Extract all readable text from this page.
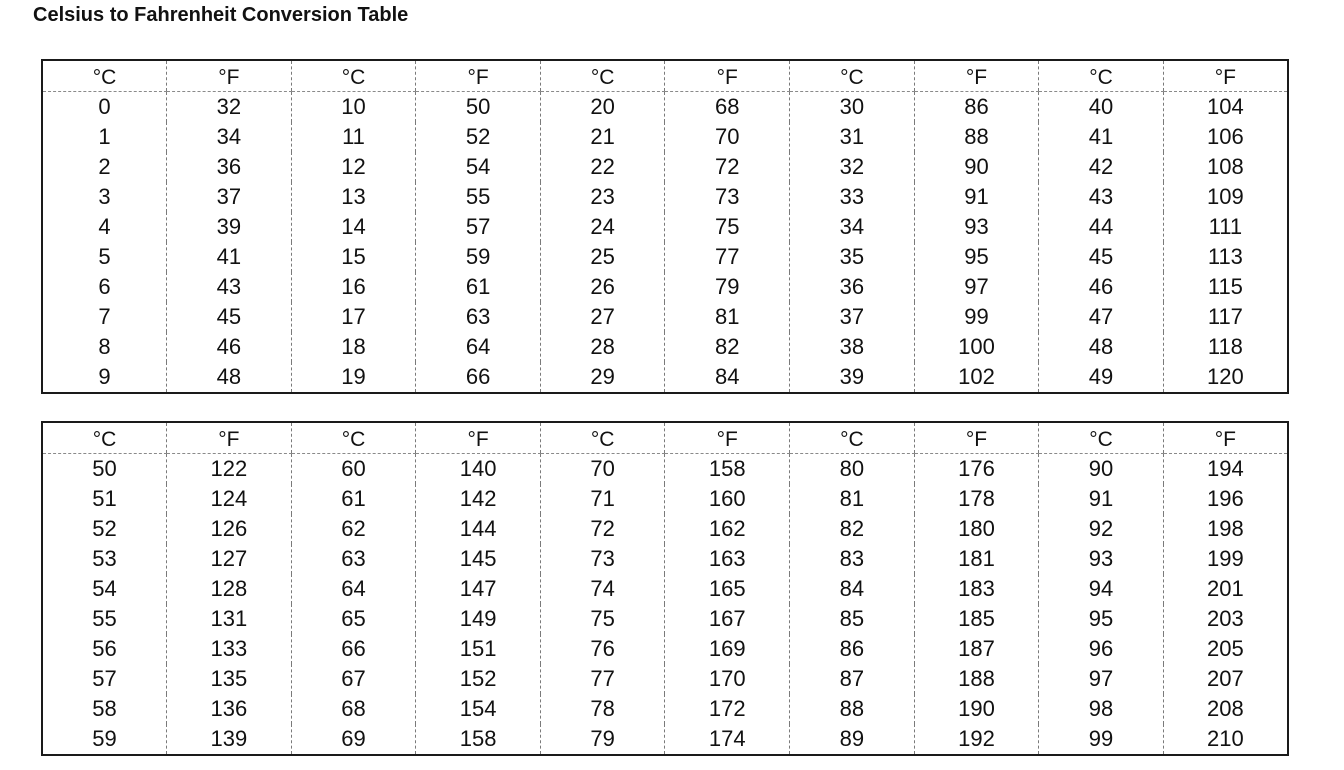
Celsius to Fahrenheit Conversion Table
°C	°F	°C	°F	°C	°F	°C	°F	°C	°F
0	32	10	50	20	68	30	86	40	104
1	34	11	52	21	70	31	88	41	106
2	36	12	54	22	72	32	90	42	108
3	37	13	55	23	73	33	91	43	109
4	39	14	57	24	75	34	93	44	111
5	41	15	59	25	77	35	95	45	113
6	43	16	61	26	79	36	97	46	115
7	45	17	63	27	81	37	99	47	117
8	46	18	64	28	82	38	100	48	118
9	48	19	66	29	84	39	102	49	120
°C	°F	°C	°F	°C	°F	°C	°F	°C	°F
50	122	60	140	70	158	80	176	90	194
51	124	61	142	71	160	81	178	91	196
52	126	62	144	72	162	82	180	92	198
53	127	63	145	73	163	83	181	93	199
54	128	64	147	74	165	84	183	94	201
55	131	65	149	75	167	85	185	95	203
56	133	66	151	76	169	86	187	96	205
57	135	67	152	77	170	87	188	97	207
58	136	68	154	78	172	88	190	98	208
59	139	69	158	79	174	89	192	99	210
